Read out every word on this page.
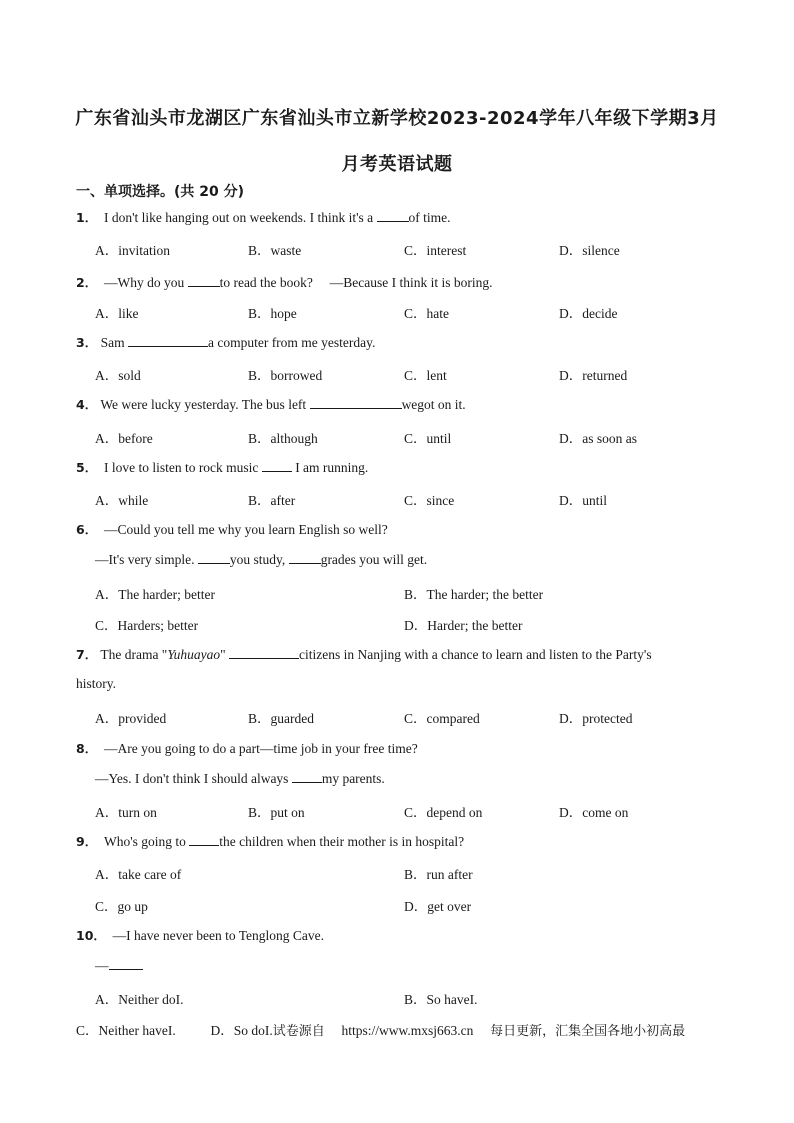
广东省汕头市龙湖区广东省汕头市立新学校2023-2024学年八年级下学期3月
月考英语试题
一、单项选择。(共 20 分)
1． I don't like hanging out on weekends. I think it's a	of time.
A．invitation	B．waste	C．interest	D．silence
2． —Why do you	to read the book?　 —Because I think it is boring.
A．like	B．hope	C．hate	D．decide
3． Sam	a computer from me yesterday.
A．sold	B．borrowed	C．lent	D．returned
4． We were lucky yesterday. The bus left	wegot on it.
A．before	B．although	C．until	D．as soon as
5． I love to listen to rock music	I am running.
A．while	B．after	C．since	D．until
6． —Could you tell me why you learn English so well?
—It's very simple.	you study,	grades you will get.
A．The harder; better	B．The harder; the better
C．Harders; better	D．Harder; the better
7． The drama "Yuhuayao"	citizens in Nanjing with a chance to learn and listen to the Party's
history.
A．provided	B．guarded	C．compared	D．protected
8． —Are you going to do a part—time job in your free time?
—Yes. I don't think I should always my parents.
A．turn on	B．put on	C．depend on	D．come on
9． Who's going to the children when their mother is in hospital?
A．take care of	B．run after
C．go up	D．get over
10． —I have never been to Tenglong Cave.
—
A．Neither doI.	B．So haveI.
C．Neither haveI.	D．So doI.试卷源自 https://www.mxsj663.cn 每日更新，汇集全国各地小初高最
